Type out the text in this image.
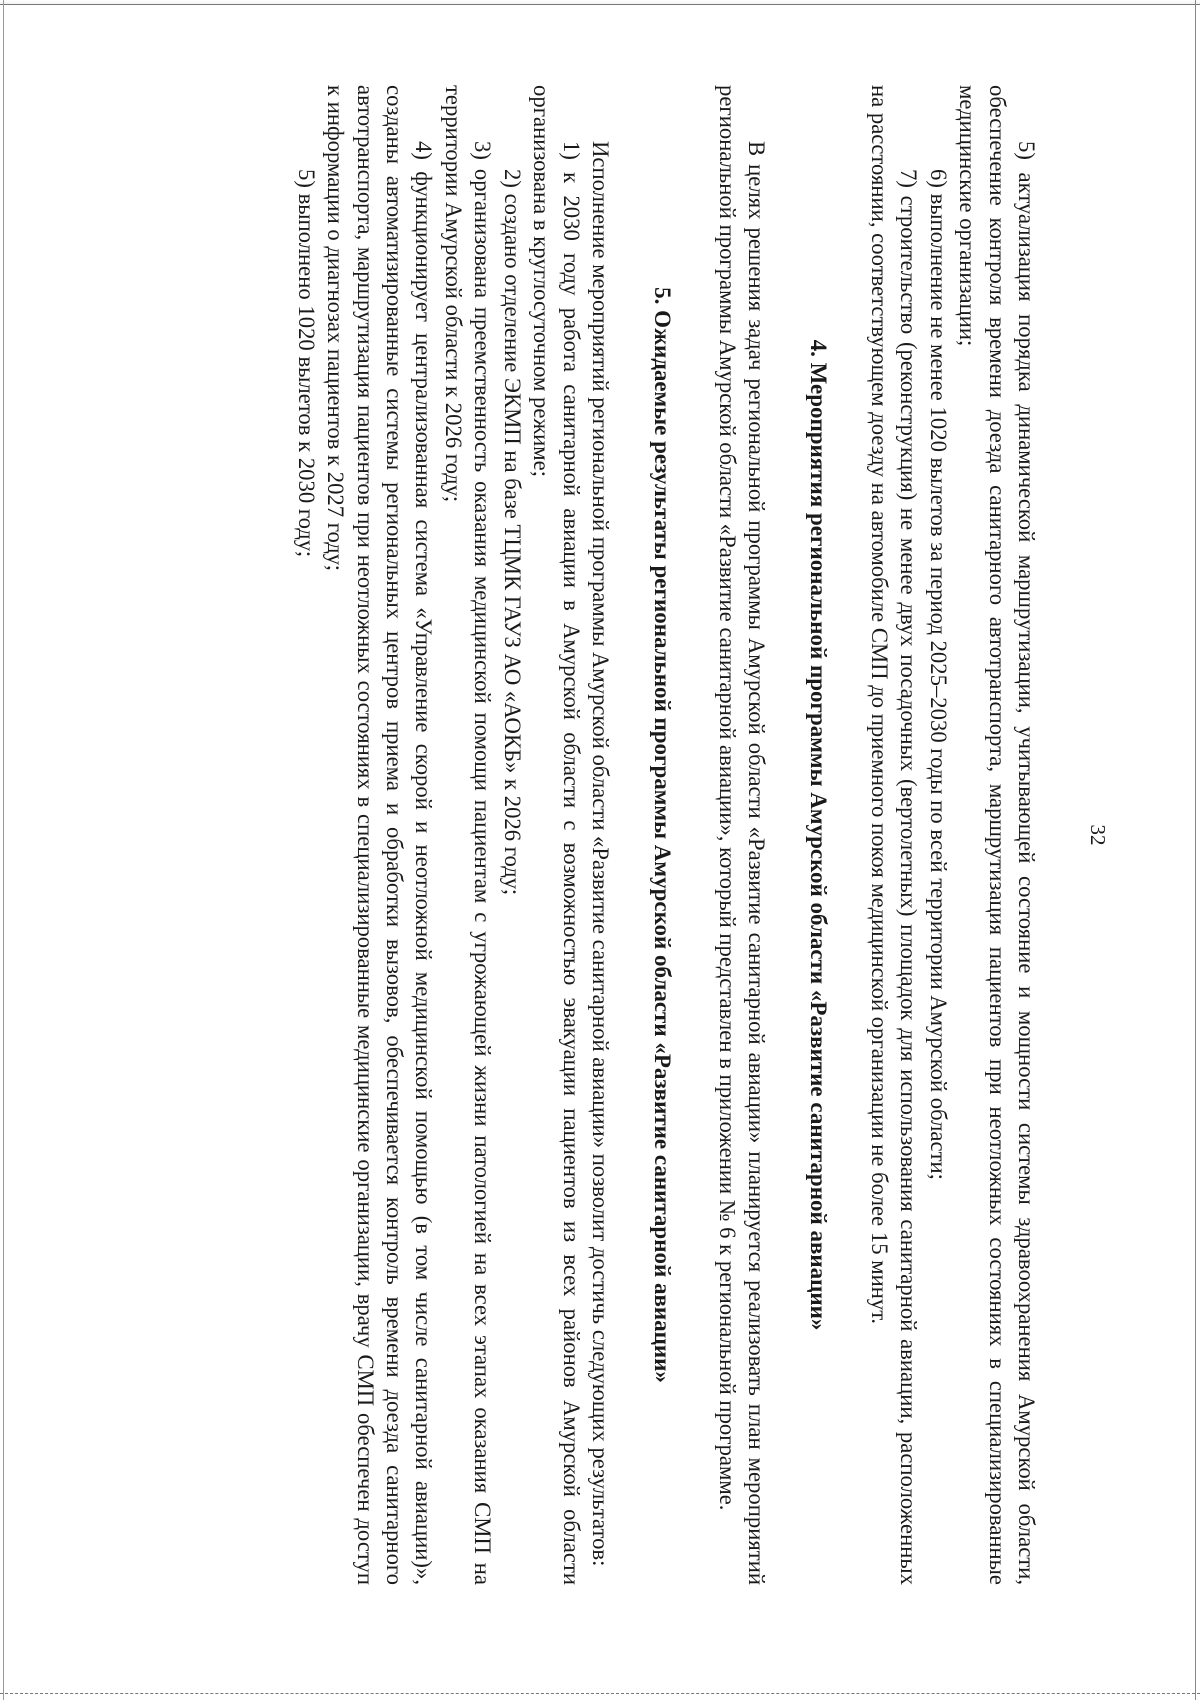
32

5) актуализация порядка динамической маршрутизации, учитывающей состояние и мощности системы здравоохранения Амурской области, обеспечение контроля времени доезда санитарного автотранспорта, маршрутизация пациентов при неотложных состояниях в специализированные медицинские организации;

6) выполнение не менее 1020 вылетов за период 2025–2030 годы по всей территории Амурской области;

7) строительство (реконструкция) не менее двух посадочных (вертолетных) площадок для использования санитарной авиации, расположенных на расстоянии, соответствующем доезду на автомобиле СМП до приемного покоя медицинской организации не более 15 минут.

4. Мероприятия региональной программы Амурской области «Развитие санитарной авиации»

В целях решения задач региональной программы Амурской области «Развитие санитарной авиации» планируется реализовать план мероприятий региональной программы Амурской области «Развитие санитарной авиации», который представлен в приложении № 6 к региональной программе.

5. Ожидаемые результаты региональной программы Амурской области «Развитие санитарной авиации»

Исполнение мероприятий региональной программы Амурской области «Развитие санитарной авиации» позволит достичь следующих результатов:

1) к 2030 году работа санитарной авиации в Амурской области с возможностью эвакуации пациентов из всех районов Амурской области организована в круглосуточном режиме;

2) создано отделение ЭКМП на базе ТЦМК ГАУЗ АО «АОКБ» к 2026 году;

3) организована преемственность оказания медицинской помощи пациентам с угрожающей жизни патологией на всех этапах оказания СМП на территории Амурской области к 2026 году;

4) функционирует централизованная система «Управление скорой и неотложной медицинской помощью (в том числе санитарной авиации)», созданы автоматизированные системы региональных центров приема и обработки вызовов, обеспечивается контроль времени доезда санитарного автотранспорта, маршрутизация пациентов при неотложных состояниях в специализированные медицинские организации, врачу СМП обеспечен доступ к информации о диагнозах пациентов к 2027 году;

5) выполнено 1020 вылетов к 2030 году;
